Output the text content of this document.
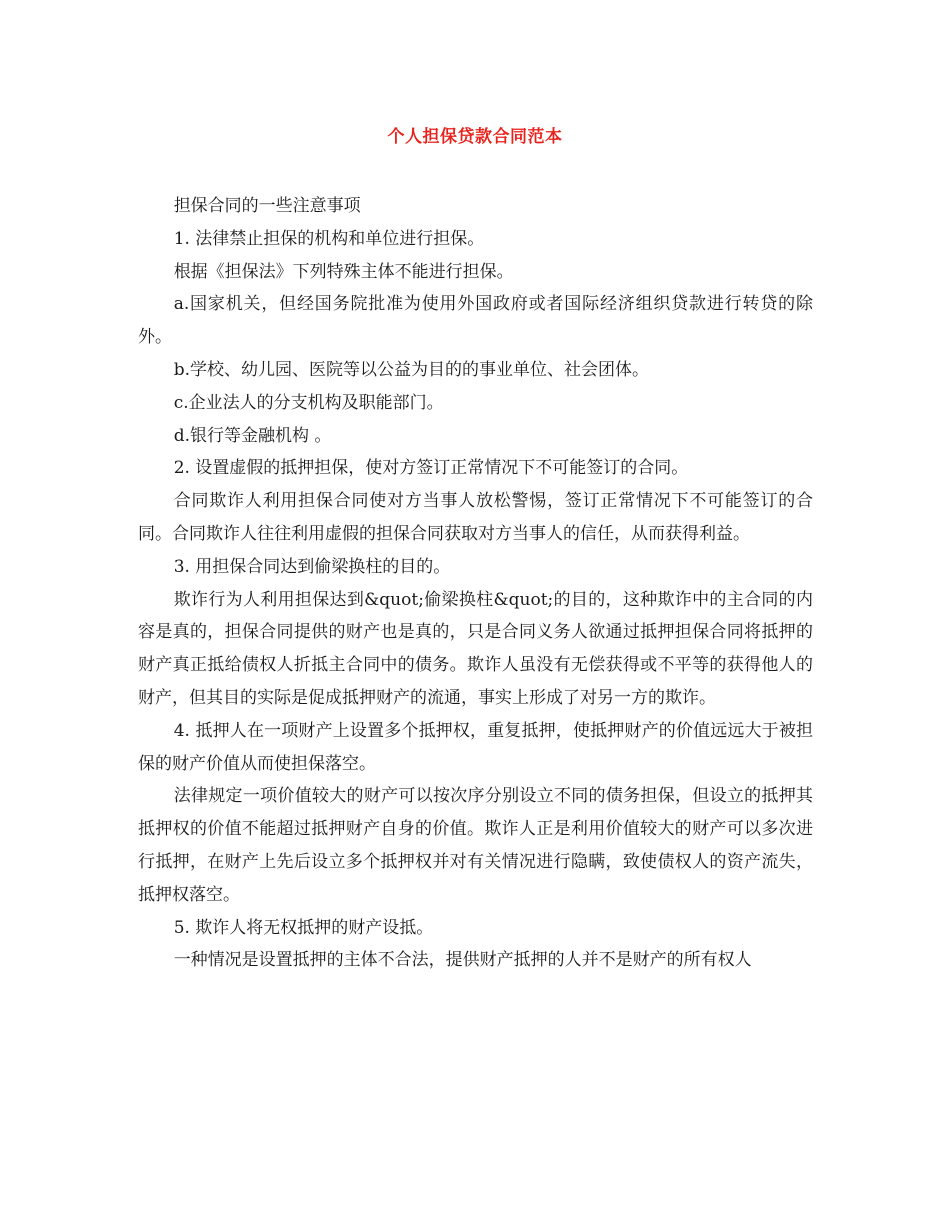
个人担保贷款合同范本

担保合同的一些注意事项

1. 法律禁止担保的机构和单位进行担保。

根据《担保法》下列特殊主体不能进行担保。

a.国家机关，但经国务院批准为使用外国政府或者国际经济组织贷款进行转贷的除外。

b.学校、幼儿园、医院等以公益为目的的事业单位、社会团体。

c.企业法人的分支机构及职能部门。

d.银行等金融机构 。

2. 设置虚假的抵押担保，使对方签订正常情况下不可能签订的合同。

合同欺诈人利用担保合同使对方当事人放松警惕，签订正常情况下不可能签订的合同。合同欺诈人往往利用虚假的担保合同获取对方当事人的信任，从而获得利益。

3. 用担保合同达到偷梁换柱的目的。

欺诈行为人利用担保达到&quot;偷梁换柱&quot;的目的，这种欺诈中的主合同的内容是真的，担保合同提供的财产也是真的，只是合同义务人欲通过抵押担保合同将抵押的财产真正抵给债权人折抵主合同中的债务。欺诈人虽没有无偿获得或不平等的获得他人的财产，但其目的实际是促成抵押财产的流通，事实上形成了对另一方的欺诈。

4. 抵押人在一项财产上设置多个抵押权，重复抵押，使抵押财产的价值远远大于被担保的财产价值从而使担保落空。

法律规定一项价值较大的财产可以按次序分别设立不同的债务担保，但设立的抵押其抵押权的价值不能超过抵押财产自身的价值。欺诈人正是利用价值较大的财产可以多次进行抵押，在财产上先后设立多个抵押权并对有关情况进行隐瞒，致使债权人的资产流失，抵押权落空。

5. 欺诈人将无权抵押的财产设抵。

一种情况是设置抵押的主体不合法，提供财产抵押的人并不是财产的所有权人
